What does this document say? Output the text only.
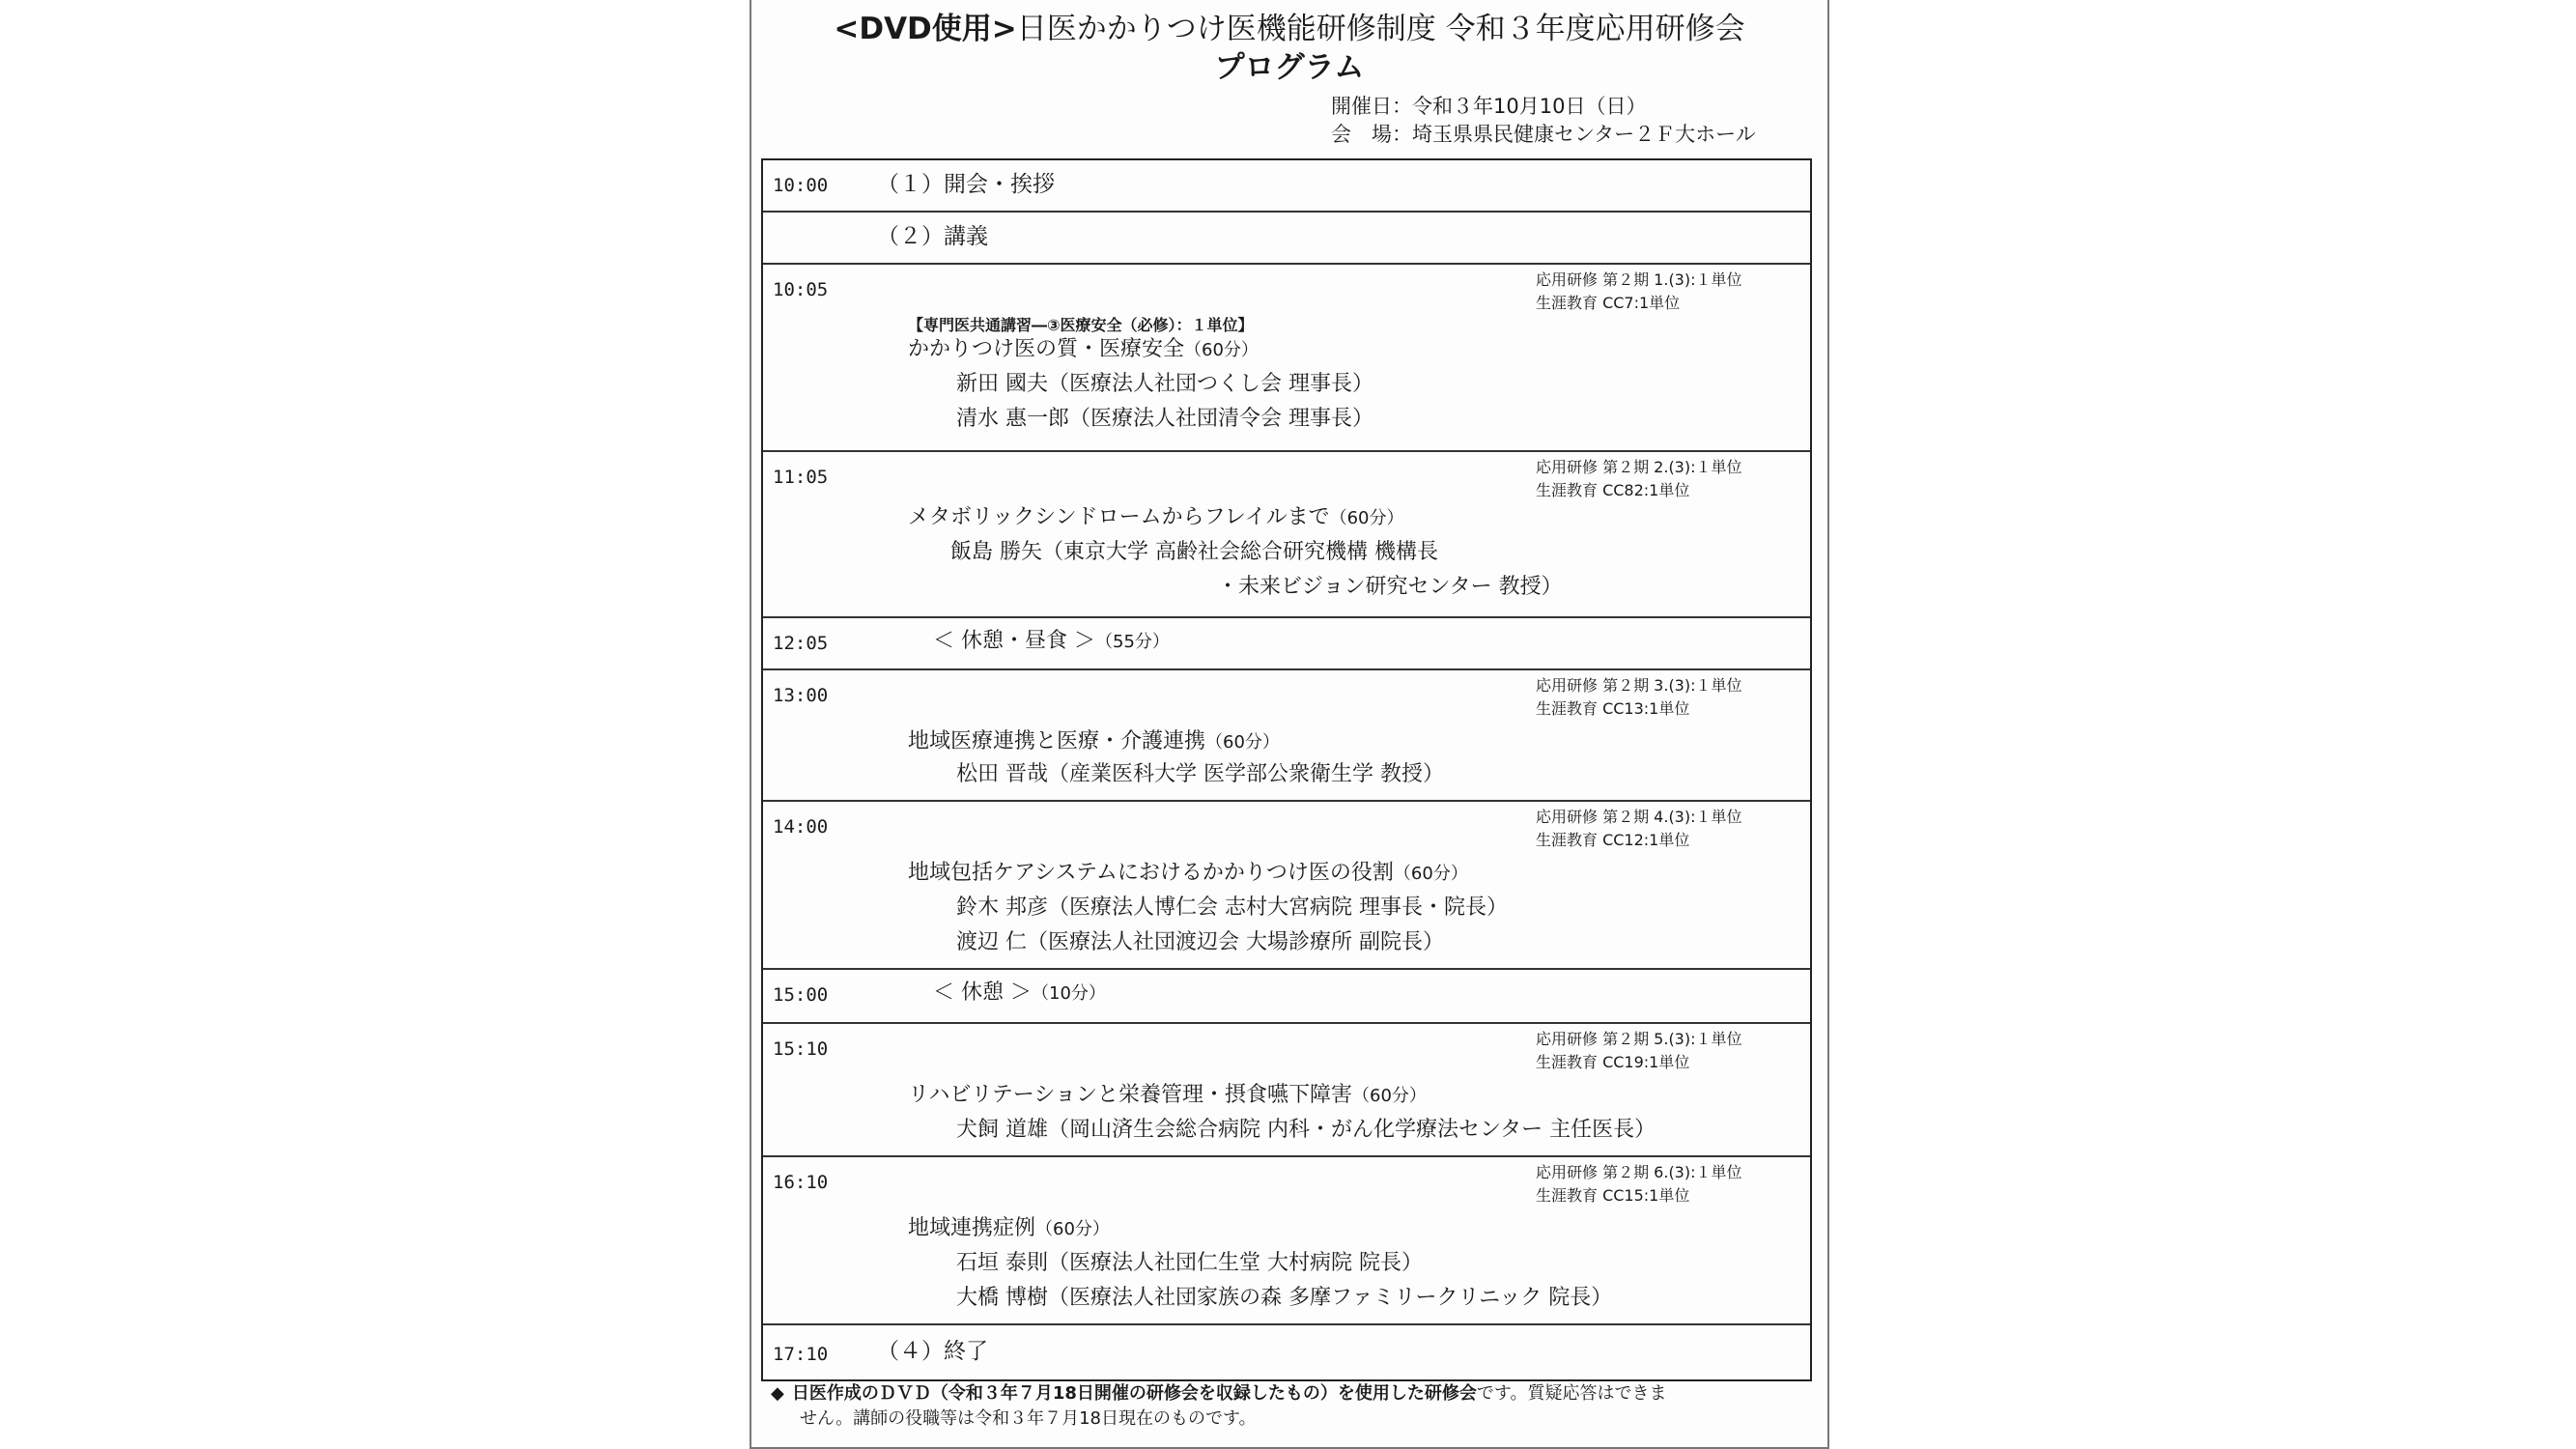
<DVD使用>日医かかりつけ医機能研修制度 令和３年度応用研修会
プログラム
開催日：令和３年10月10日（日）
会　場：埼玉県県民健康センター２Ｆ大ホール
10:00 （１）開会・挨拶
（２）講義
10:05	応用研修 第２期 1.(3):１単位
生涯教育 CC7:1単位
【専門医共通講習―③医療安全（必修）：１単位】
かかりつけ医の質・医療安全（60分）
新田 國夫（医療法人社団つくし会 理事長）
清水 惠一郎（医療法人社団清令会 理事長）
11:05	応用研修 第２期 2.(3):１単位
生涯教育 CC82:1単位
メタボリックシンドロームからフレイルまで（60分）
飯島 勝矢（東京大学 高齢社会総合研究機構 機構長
・未来ビジョン研究センター 教授）
12:05	＜ 休憩・昼食 ＞（55分）
13:00	応用研修 第２期 3.(3):１単位
生涯教育 CC13:1単位
地域医療連携と医療・介護連携（60分）
松田 晋哉（産業医科大学 医学部公衆衛生学 教授）
14:00	応用研修 第２期 4.(3):１単位
生涯教育 CC12:1単位
地域包括ケアシステムにおけるかかりつけ医の役割（60分）
鈴木 邦彦（医療法人博仁会 志村大宮病院 理事長・院長）
渡辺 仁（医療法人社団渡辺会 大場診療所 副院長）
15:00	＜ 休憩 ＞（10分）
15:10	応用研修 第２期 5.(3):１単位
生涯教育 CC19:1単位
リハビリテーションと栄養管理・摂食嚥下障害（60分）
犬飼 道雄（岡山済生会総合病院 内科・がん化学療法センター 主任医長）
16:10	応用研修 第２期 6.(3):１単位
生涯教育 CC15:1単位
地域連携症例（60分）
石垣 泰則（医療法人社団仁生堂 大村病院 院長）
大橋 博樹（医療法人社団家族の森 多摩ファミリークリニック 院長）
17:10 （４）終了
◆ 日医作成のＤＶＤ（令和３年７月18日開催の研修会を収録したもの）を使用した研修会です。質疑応答はできま
せん。講師の役職等は令和３年７月18日現在のものです。
